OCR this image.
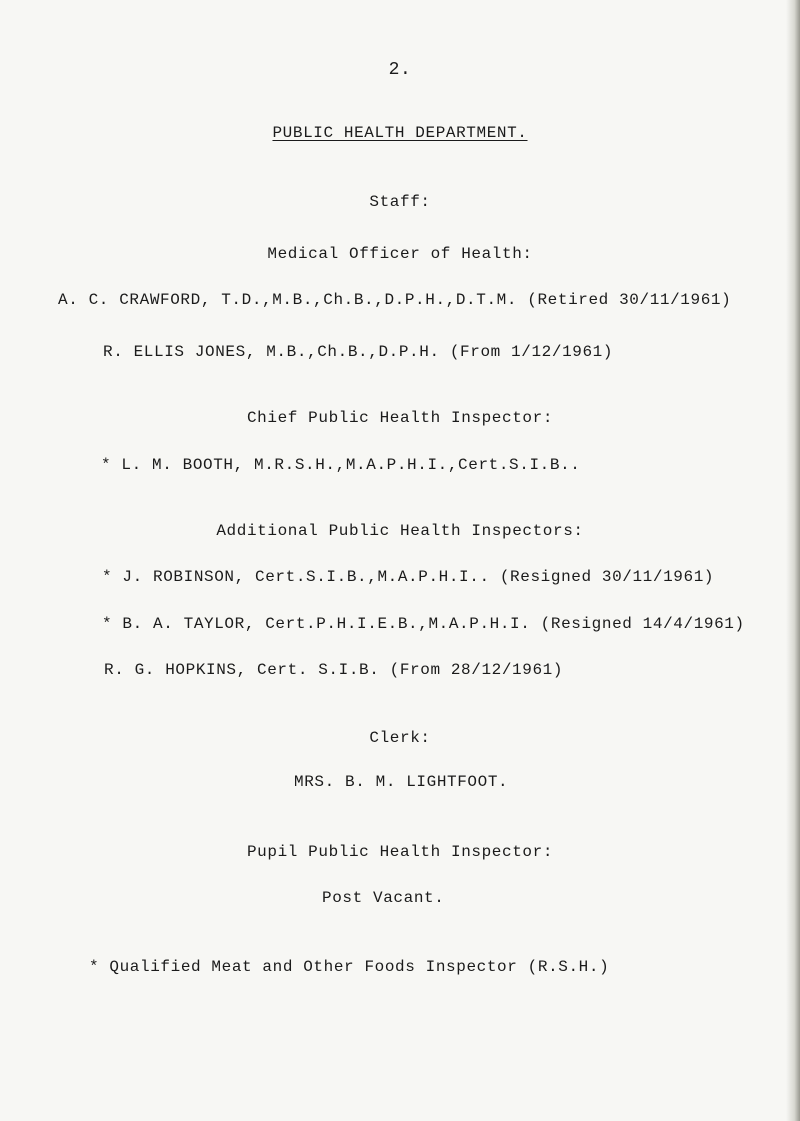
2.
PUBLIC HEALTH DEPARTMENT.
Staff:
Medical Officer of Health:
A. C. CRAWFORD, T.D.,M.B.,Ch.B.,D.P.H.,D.T.M. (Retired 30/11/1961)
R. ELLIS JONES, M.B.,Ch.B.,D.P.H. (From 1/12/1961)
Chief Public Health Inspector:
* L. M. BOOTH, M.R.S.H.,M.A.P.H.I.,Cert.S.I.B..
Additional Public Health Inspectors:
* J. ROBINSON, Cert.S.I.B.,M.A.P.H.I.. (Resigned 30/11/1961)
* B. A. TAYLOR, Cert.P.H.I.E.B.,M.A.P.H.I. (Resigned 14/4/1961)
R. G. HOPKINS, Cert. S.I.B. (From 28/12/1961)
Clerk:
MRS. B. M. LIGHTFOOT.
Pupil Public Health Inspector:
Post Vacant.
* Qualified Meat and Other Foods Inspector (R.S.H.)
